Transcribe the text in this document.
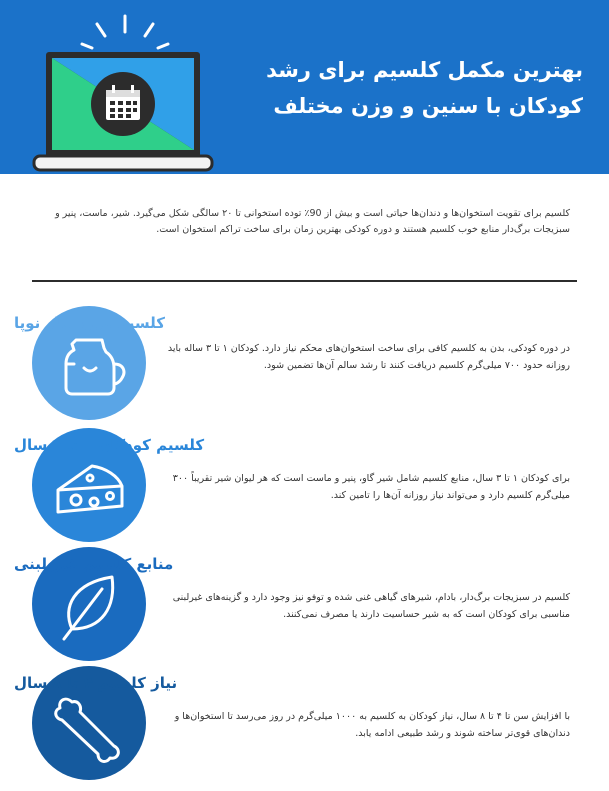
بهترین مکمل کلسیم برای رشد کودکان با سنین و وزن مختلف
کلسیم برای تقویت استخوان‌ها و دندان‌ها حیاتی است و بیش از 90٪ توده استخوانی تا ۲۰ سالگی شکل می‌گیرد. شیر، ماست، پنیر و سبزیجات برگ‌دار منابع خوب کلسیم هستند و دوره کودکی بهترین زمان برای ساخت تراکم استخوان است.
کلسیم مورد نیاز نوپا
در دوره کودکی، بدن به کلسیم کافی برای ساخت استخوان‌های محکم نیاز دارد. کودکان ۱ تا ۳ ساله باید روزانه حدود ۷۰۰ میلی‌گرم کلسیم دریافت کنند تا رشد سالم آن‌ها تضمین شود.
کلسیم کودکان ۱ تا ۳ سال
برای کودکان ۱ تا ۳ سال، منابع کلسیم شامل شیر گاو، پنیر و ماست است که هر لیوان شیر تقریباً ۳۰۰ میلی‌گرم کلسیم دارد و می‌تواند نیاز روزانه آن‌ها را تامین کند.
منابع کلسیم غیر لبنی
کلسیم در سبزیجات برگ‌دار، بادام، شیرهای گیاهی غنی شده و توفو نیز وجود دارد و گزینه‌های غیرلبنی مناسبی برای کودکان است که به شیر حساسیت دارند یا مصرف نمی‌کنند.
نیاز کلسیم ۴ تا ۸ سال
با افزایش سن تا ۴ تا ۸ سال، نیاز کودکان به کلسیم به ۱۰۰۰ میلی‌گرم در روز می‌رسد تا استخوان‌ها و دندان‌های قوی‌تر ساخته شوند و رشد طبیعی ادامه یابد.
